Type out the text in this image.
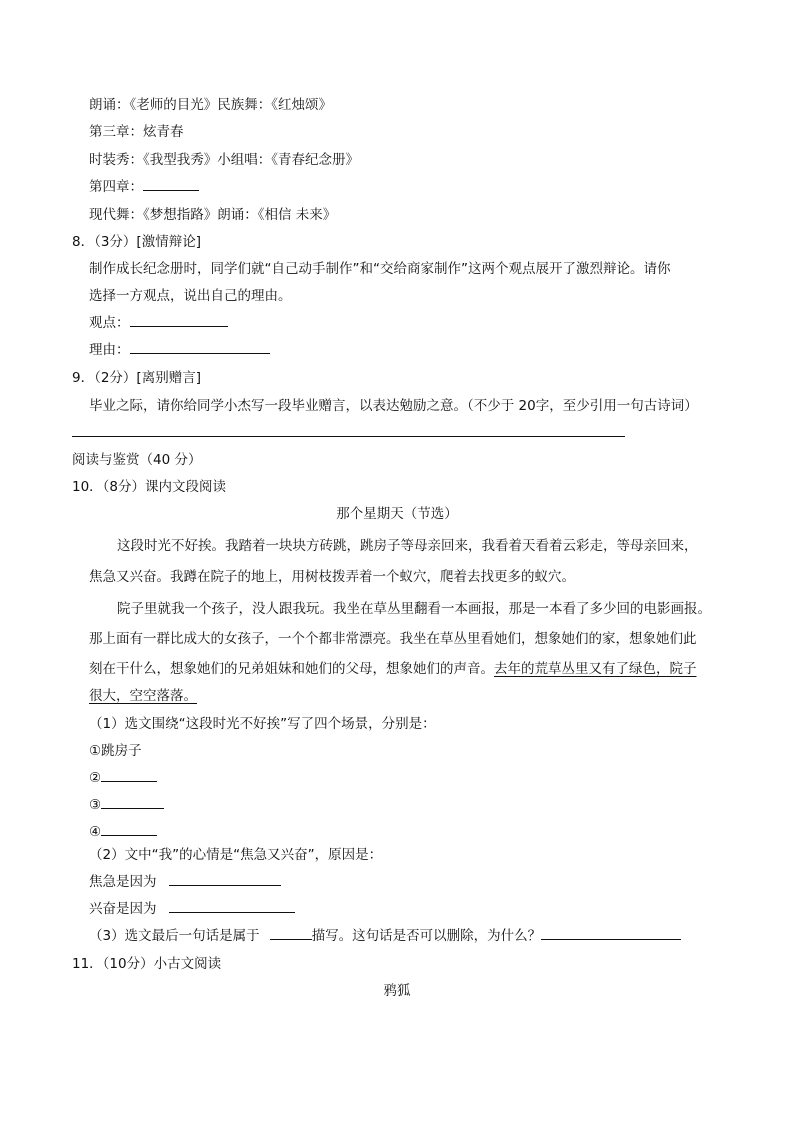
朗诵：《老师的目光》民族舞：《红烛颂》
第三章：炫青春
时装秀：《我型我秀》小组唱：《青春纪念册》
第四章：
现代舞：《梦想指路》朗诵：《相信 未来》
8．（3分）[激情辩论]
制作成长纪念册时，同学们就“自己动手制作”和“交给商家制作”这两个观点展开了激烈辩论。请你
选择一方观点，说出自己的理由。
观点：
理由：
9．（2分）[离别赠言]
毕业之际，请你给同学小杰写一段毕业赠言，以表达勉励之意。（不少于 20字，至少引用一句古诗词）
阅读与鉴赏（40 分）
10．（8分）课内文段阅读
那个星期天（节选）
这段时光不好挨。我踏着一块块方砖跳，跳房子等母亲回来，我看着天看着云彩走，等母亲回来，
焦急又兴奋。我蹲在院子的地上，用树枝拨弄着一个蚁穴，爬着去找更多的蚁穴。
院子里就我一个孩子，没人跟我玩。我坐在草丛里翻看一本画报，那是一本看了多少回的电影画报。
那上面有一群比成大的女孩子，一个个都非常漂亮。我坐在草丛里看她们，想象她们的家，想象她们此
刻在干什么，想象她们的兄弟姐妹和她们的父母，想象她们的声音。去年的荒草丛里又有了绿色，院子
很大，空空落落。
（1）选文围绕“这段时光不好挨”写了四个场景，分别是：
①跳房子
②
③
④
（2）文中“我”的心情是“焦急又兴奋”，原因是：
焦急是因为
兴奋是因为
（3）选文最后一句话是属于	描写。这句话是否可以删除，为什么？
11．（10分）小古文阅读
鸦狐
